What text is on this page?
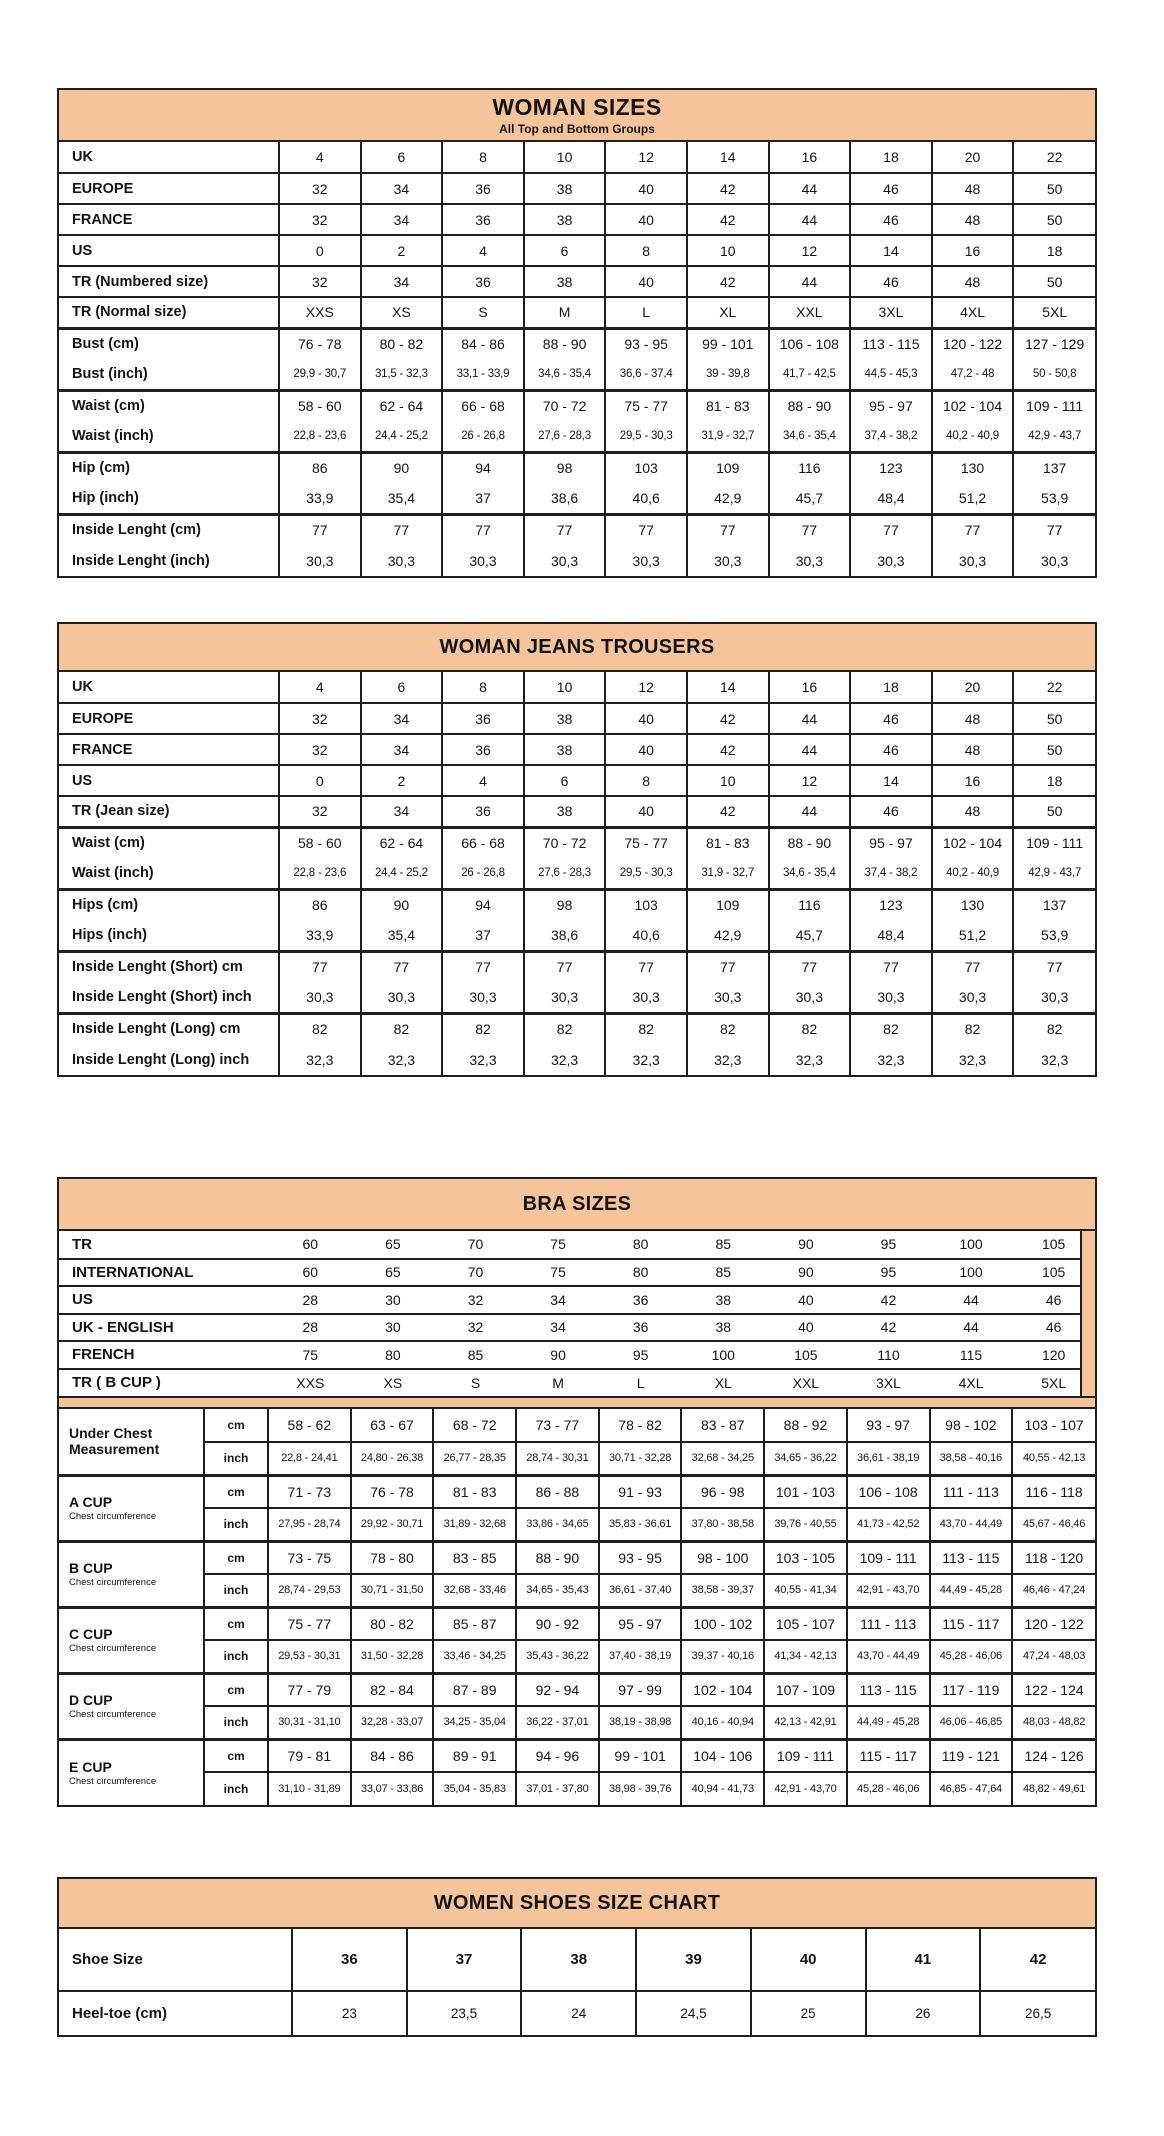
WOMAN SIZES
All Top and Bottom Groups
UK	4	6	8	10	12	14	16	18	20	22
EUROPE	32	34	36	38	40	42	44	46	48	50
FRANCE	32	34	36	38	40	42	44	46	48	50
US	0	2	4	6	8	10	12	14	16	18
TR (Numbered size)	32	34	36	38	40	42	44	46	48	50
TR (Normal size)	XXS	XS	S	M	L	XL	XXL	3XL	4XL	5XL
Bust (cm)	76 - 78	80 - 82	84 - 86	88 - 90	93 - 95	99 - 101	106 - 108	113 - 115	120 - 122	127 - 129
Bust (inch)	29,9 - 30,7	31,5 - 32,3	33,1 - 33,9	34,6 - 35,4	36,6 - 37,4	39 - 39,8	41,7 - 42,5	44,5 - 45,3	47,2 - 48	50 - 50,8
Waist (cm)	58 - 60	62 - 64	66 - 68	70 - 72	75 - 77	81 - 83	88 - 90	95 - 97	102 - 104	109 - 111
Waist (inch)	22,8 - 23,6	24,4 - 25,2	26 - 26,8	27,6 - 28,3	29,5 - 30,3	31,9 - 32,7	34,6 - 35,4	37,4 - 38,2	40,2 - 40,9	42,9 - 43,7
Hip (cm)	86	90	94	98	103	109	116	123	130	137
Hip (inch)	33,9	35,4	37	38,6	40,6	42,9	45,7	48,4	51,2	53,9
Inside Lenght (cm)	77	77	77	77	77	77	77	77	77	77
Inside Lenght (inch)	30,3	30,3	30,3	30,3	30,3	30,3	30,3	30,3	30,3	30,3
WOMAN JEANS TROUSERS
UK	4	6	8	10	12	14	16	18	20	22
EUROPE	32	34	36	38	40	42	44	46	48	50
FRANCE	32	34	36	38	40	42	44	46	48	50
US	0	2	4	6	8	10	12	14	16	18
TR (Jean size)	32	34	36	38	40	42	44	46	48	50
Waist (cm)	58 - 60	62 - 64	66 - 68	70 - 72	75 - 77	81 - 83	88 - 90	95 - 97	102 - 104	109 - 111
Waist (inch)	22,8 - 23,6	24,4 - 25,2	26 - 26,8	27,6 - 28,3	29,5 - 30,3	31,9 - 32,7	34,6 - 35,4	37,4 - 38,2	40,2 - 40,9	42,9 - 43,7
Hips (cm)	86	90	94	98	103	109	116	123	130	137
Hips (inch)	33,9	35,4	37	38,6	40,6	42,9	45,7	48,4	51,2	53,9
Inside Lenght (Short) cm	77	77	77	77	77	77	77	77	77	77
Inside Lenght (Short) inch	30,3	30,3	30,3	30,3	30,3	30,3	30,3	30,3	30,3	30,3
Inside Lenght (Long) cm	82	82	82	82	82	82	82	82	82	82
Inside Lenght (Long) inch	32,3	32,3	32,3	32,3	32,3	32,3	32,3	32,3	32,3	32,3
BRA SIZES
TR	60	65	70	75	80	85	90	95	100	105
INTERNATIONAL	60	65	70	75	80	85	90	95	100	105
US	28	30	32	34	36	38	40	42	44	46
UK - ENGLISH	28	30	32	34	36	38	40	42	44	46
FRENCH	75	80	85	90	95	100	105	110	115	120
TR ( B CUP )	XXS	XS	S	M	L	XL	XXL	3XL	4XL	5XL
Under Chest Measurement	cm	58 - 62	63 - 67	68 - 72	73 - 77	78 - 82	83 - 87	88 - 92	93 - 97	98 - 102	103 - 107
	inch	22,8 - 24,41	24,80 - 26,38	26,77 - 28,35	28,74 - 30,31	30,71 - 32,28	32,68 - 34,25	34,65 - 36,22	36,61 - 38,19	38,58 - 40,16	40,55 - 42,13

A CUP
Chest circumference	cm	71 - 73	76 - 78	81 - 83	86 - 88	91 - 93	96 - 98	101 - 103	106 - 108	111 - 113	116 - 118
	inch	27,95 - 28,74	29,92 - 30,71	31,89 - 32,68	33,86 - 34,65	35,83 - 36,61	37,80 - 38,58	39,76 - 40,55	41,73 - 42,52	43,70 - 44,49	45,67 - 46,46

B CUP
Chest circumference	cm	73 - 75	78 - 80	83 - 85	88 - 90	93 - 95	98 - 100	103 - 105	109 - 111	113 - 115	118 - 120
	inch	28,74 - 29,53	30,71 - 31,50	32,68 - 33,46	34,65 - 35,43	36,61 - 37,40	38,58 - 39,37	40,55 - 41,34	42,91 - 43,70	44,49 - 45,28	46,46 - 47,24

C CUP
Chest circumference	cm	75 - 77	80 - 82	85 - 87	90 - 92	95 - 97	100 - 102	105 - 107	111 - 113	115 - 117	120 - 122
	inch	29,53 - 30,31	31,50 - 32,28	33,46 - 34,25	35,43 - 36,22	37,40 - 38,19	39,37 - 40,16	41,34 - 42,13	43,70 - 44,49	45,28 - 46,06	47,24 - 48,03

D CUP
Chest circumference	cm	77 - 79	82 - 84	87 - 89	92 - 94	97 - 99	102 - 104	107 - 109	113 - 115	117 - 119	122 - 124
	inch	30,31 - 31,10	32,28 - 33,07	34,25 - 35,04	36,22 - 37,01	38,19 - 38,98	40,16 - 40,94	42,13 - 42,91	44,49 - 45,28	46,06 - 46,85	48,03 - 48,82

E CUP
Chest circumference	cm	79 - 81	84 - 86	89 - 91	94 - 96	99 - 101	104 - 106	109 - 111	115 - 117	119 - 121	124 - 126
	inch	31,10 - 31,89	33,07 - 33,86	35,04 - 35,83	37,01 - 37,80	38,98 - 39,76	40,94 - 41,73	42,91 - 43,70	45,28 - 46,06	46,85 - 47,64	48,82 - 49,61
WOMEN SHOES SIZE CHART
Shoe Size	36	37	38	39	40	41	42
Heel-toe (cm)	23	23,5	24	24,5	25	26	26,5
